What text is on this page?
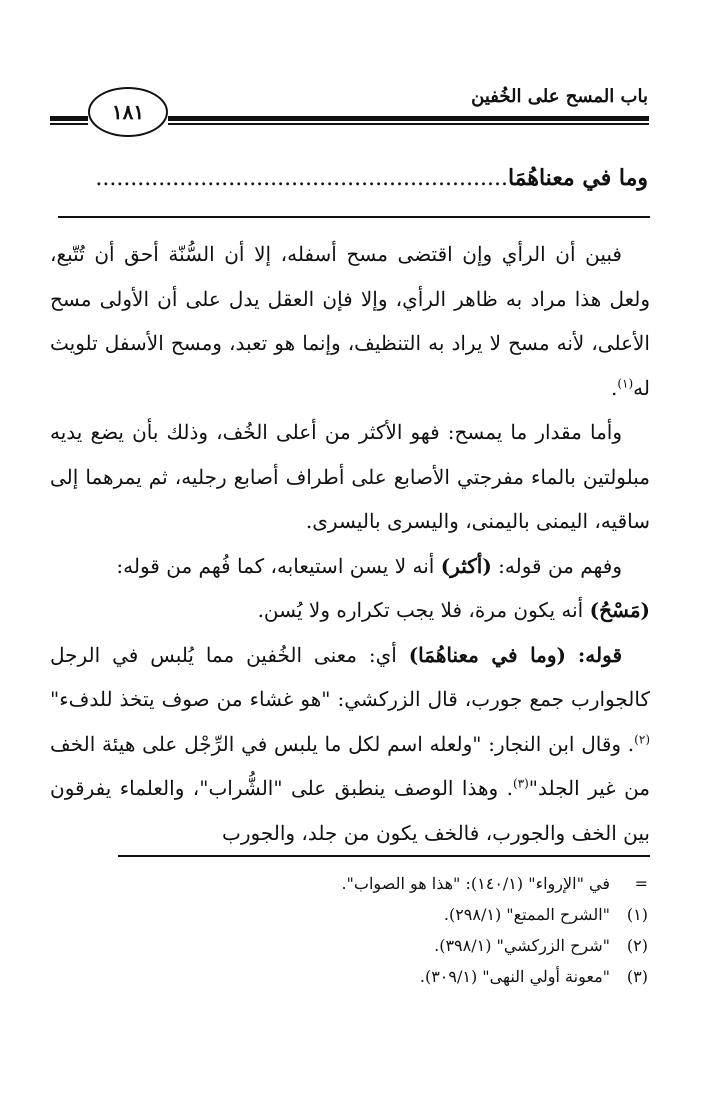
١٨١
باب المسح على الخُفين
وما في معناهُمَا...........................................................

فبين أن الرأي وإن اقتضى مسح أسفله، إلا أن السُّنّة أحق أن تُتّبع، ولعل هذا مراد به ظاهر الرأي، وإلا فإن العقل يدل على أن الأولى مسح الأعلى، لأنه مسح لا يراد به التنظيف، وإنما هو تعبد، ومسح الأسفل تلويث له$^{(١)}$.

وأما مقدار ما يمسح: فهو الأكثر من أعلى الخُف، وذلك بأن يضع يديه مبلولتين بالماء مفرجتي الأصابع على أطراف أصابع رجليه، ثم يمرهما إلى ساقيه، اليمنى باليمنى، واليسرى باليسرى.

وفهم من قوله: (أكثر) أنه لا يسن استيعابه، كما فُهم من قوله:

(مَسْحُ) أنه يكون مرة، فلا يجب تكراره ولا يُسن.

قوله: (وما في معناهُمَا) أي: معنى الخُفين مما يُلبس في الرجل كالجوارب جمع جورب، قال الزركشي: "هو غشاء من صوف يتخذ للدفء"$^{(٢)}$. وقال ابن النجار: "ولعله اسم لكل ما يلبس في الرِّجْل على هيئة الخف من غير الجلد"$^{(٣)}$. وهذا الوصف ينطبق على "الشُّراب"، والعلماء يفرقون بين الخف والجورب، فالخف يكون من جلد، والجورب

=في "الإرواء" (١٤٠/١): "هذا هو الصواب".
(١)"الشرح الممتع" (٢٩٨/١).
(٢)"شرح الزركشي" (٣٩٨/١).
(٣)"معونة أولي النهى" (٣٠٩/١).
